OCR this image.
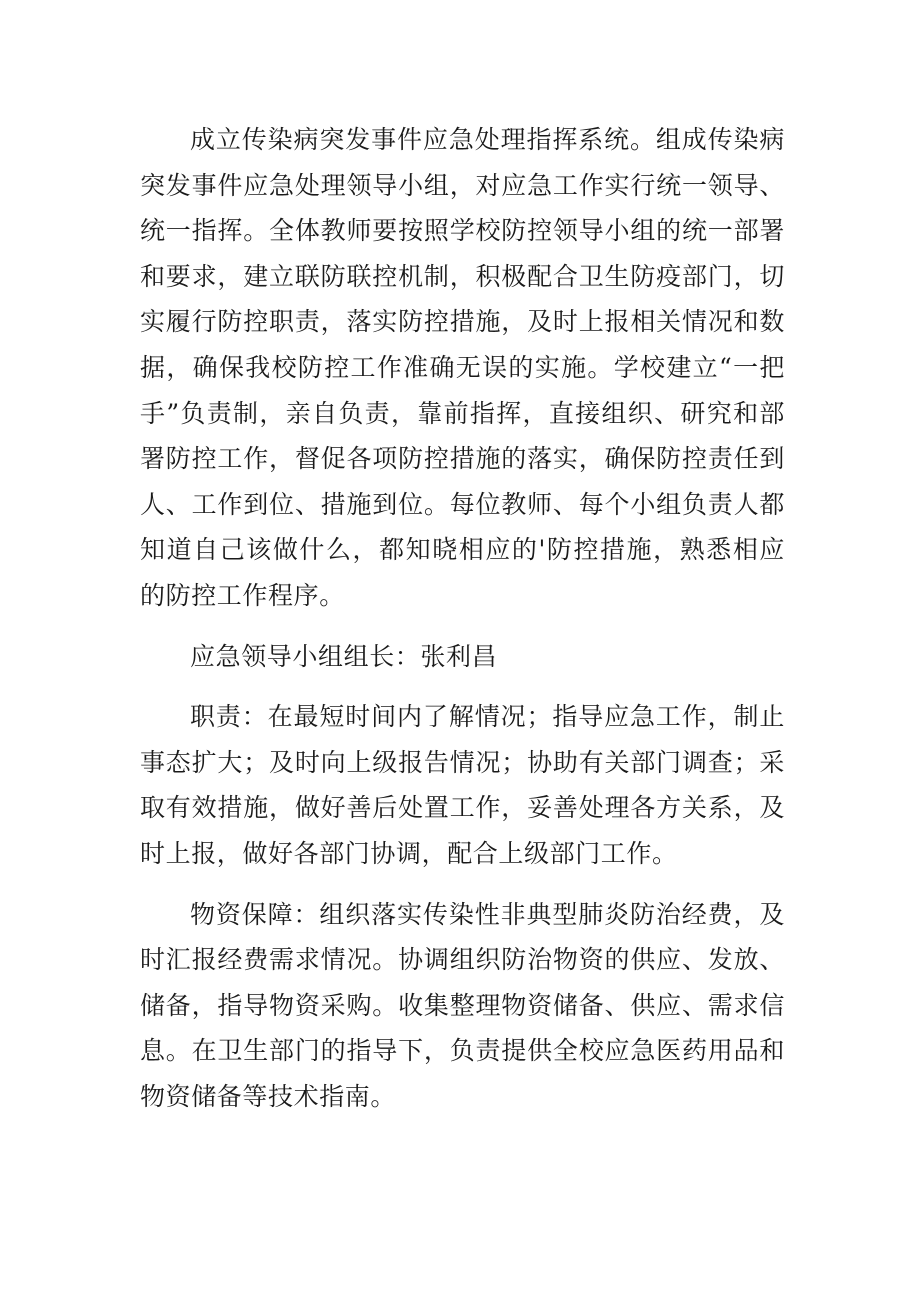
成立传染病突发事件应急处理指挥系统。组成传染病突发事件应急处理领导小组，对应急工作实行统一领导、统一指挥。全体教师要按照学校防控领导小组的统一部署和要求，建立联防联控机制，积极配合卫生防疫部门，切实履行防控职责，落实防控措施，及时上报相关情况和数据，确保我校防控工作准确无误的实施。学校建立“一把手”负责制，亲自负责，靠前指挥，直接组织、研究和部署防控工作，督促各项防控措施的落实，确保防控责任到人、工作到位、措施到位。每位教师、每个小组负责人都知道自己该做什么，都知晓相应的'防控措施，熟悉相应的防控工作程序。

应急领导小组组长：张利昌

职责：在最短时间内了解情况；指导应急工作，制止事态扩大；及时向上级报告情况；协助有关部门调查；采取有效措施，做好善后处置工作，妥善处理各方关系，及时上报，做好各部门协调，配合上级部门工作。

物资保障：组织落实传染性非典型肺炎防治经费，及时汇报经费需求情况。协调组织防治物资的供应、发放、储备，指导物资采购。收集整理物资储备、供应、需求信息。在卫生部门的指导下，负责提供全校应急医药用品和物资储备等技术指南。
